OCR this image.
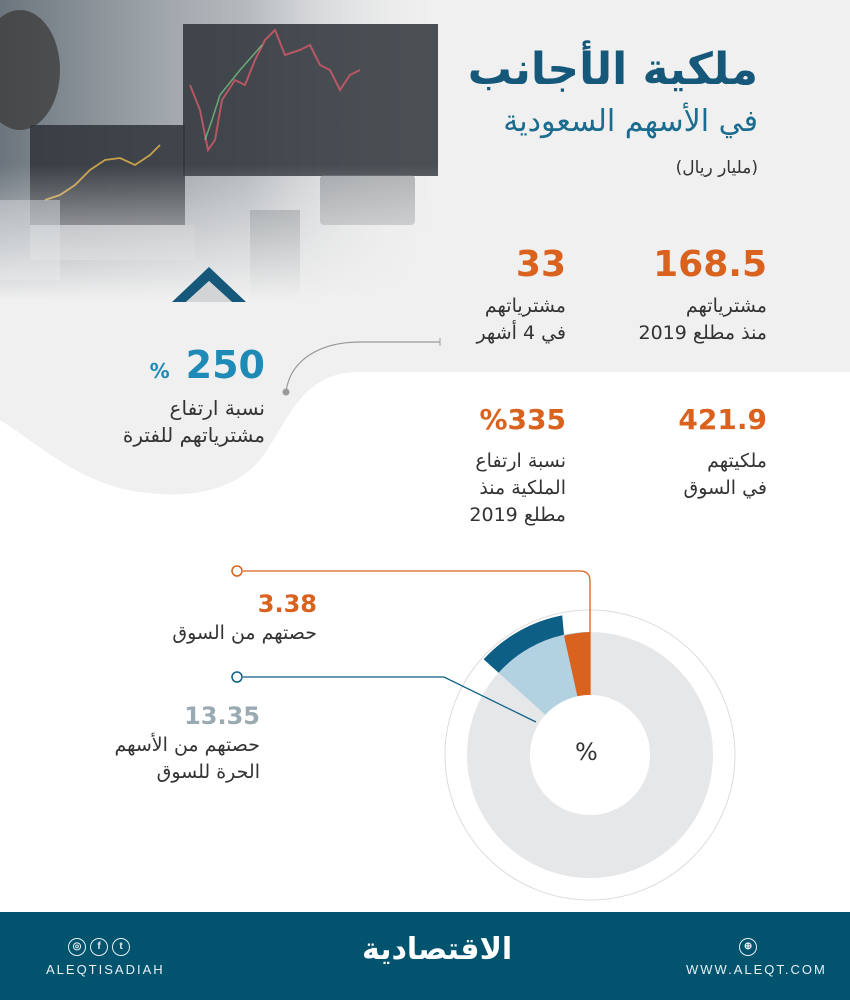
ملكية الأجانب
في الأسهم السعودية
(مليار ريال)
168.5
مشترياتهم
منذ مطلع 2019
33
مشترياتهم
في 4 أشهر
% 250
نسبة ارتفاع
مشترياتهم للفترة	421.9
ملكيتهم
في السوق
%335
نسبة ارتفاع
الملكية منذ
مطلع 2019
3.38
حصتهم من السوق
13.35
حصتهم من الأسهم
الحرة للسوق
%
◎ f t
ALEQTISADIAH
الاقتصادية	⊕
WWW.ALEQT.COM
